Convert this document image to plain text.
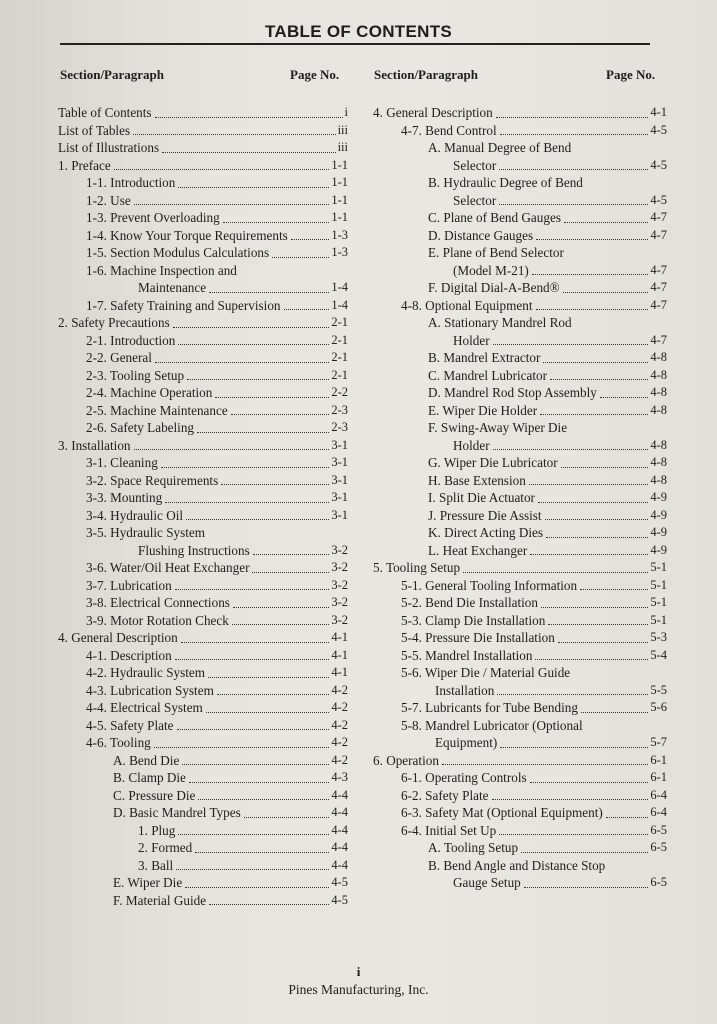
TABLE OF CONTENTS
Section/Paragraph	Page No.	Section/Paragraph	Page No.
Table of Contents	i
List of Tables	iii
List of Illustrations	iii
1. Preface	1-1
1-1. Introduction	1-1
1-2. Use	1-1
1-3. Prevent Overloading	1-1
1-4. Know Your Torque Requirements	1-3
1-5. Section Modulus Calculations	1-3
1-6. Machine Inspection and
Maintenance	1-4
1-7. Safety Training and Supervision	1-4
2. Safety Precautions	2-1
2-1. Introduction	2-1
2-2. General	2-1
2-3. Tooling Setup	2-1
2-4. Machine Operation	2-2
2-5. Machine Maintenance	2-3
2-6. Safety Labeling	2-3
3. Installation	3-1
3-1. Cleaning	3-1
3-2. Space Requirements	3-1
3-3. Mounting	3-1
3-4. Hydraulic Oil	3-1
3-5. Hydraulic System
Flushing Instructions	3-2
3-6. Water/Oil Heat Exchanger	3-2
3-7. Lubrication	3-2
3-8. Electrical Connections	3-2
3-9. Motor Rotation Check	3-2
4. General Description	4-1
4-1. Description	4-1
4-2. Hydraulic System	4-1
4-3. Lubrication System	4-2
4-4. Electrical System	4-2
4-5. Safety Plate	4-2
4-6. Tooling	4-2
A. Bend Die	4-2
B. Clamp Die	4-3
C. Pressure Die	4-4
D. Basic Mandrel Types	4-4
1. Plug	4-4
2. Formed	4-4
3. Ball	4-4
E. Wiper Die	4-5
F. Material Guide	4-5
4. General Description	4-1
4-7. Bend Control	4-5
A. Manual Degree of Bend
Selector	4-5
B. Hydraulic Degree of Bend
Selector	4-5
C. Plane of Bend Gauges	4-7
D. Distance Gauges	4-7
E. Plane of Bend Selector
(Model M-21)	4-7
F. Digital Dial-A-Bend®	4-7
4-8. Optional Equipment	4-7
A. Stationary Mandrel Rod
Holder	4-7
B. Mandrel Extractor	4-8
C. Mandrel Lubricator	4-8
D. Mandrel Rod Stop Assembly	4-8
E. Wiper Die Holder	4-8
F. Swing-Away Wiper Die
Holder	4-8
G. Wiper Die Lubricator	4-8
H. Base Extension	4-8
I. Split Die Actuator	4-9
J. Pressure Die Assist	4-9
K. Direct Acting Dies	4-9
L. Heat Exchanger	4-9
5. Tooling Setup	5-1
5-1. General Tooling Information	5-1
5-2. Bend Die Installation	5-1
5-3. Clamp Die Installation	5-1
5-4. Pressure Die Installation	5-3
5-5. Mandrel Installation	5-4
5-6. Wiper Die / Material Guide
Installation	5-5
5-7. Lubricants for Tube Bending	5-6
5-8. Mandrel Lubricator (Optional
Equipment)	5-7
6. Operation	6-1
6-1. Operating Controls	6-1
6-2. Safety Plate	6-4
6-3. Safety Mat (Optional Equipment)	6-4
6-4. Initial Set Up	6-5
A. Tooling Setup	6-5
B. Bend Angle and Distance Stop
Gauge Setup	6-5
i
Pines Manufacturing, Inc.
